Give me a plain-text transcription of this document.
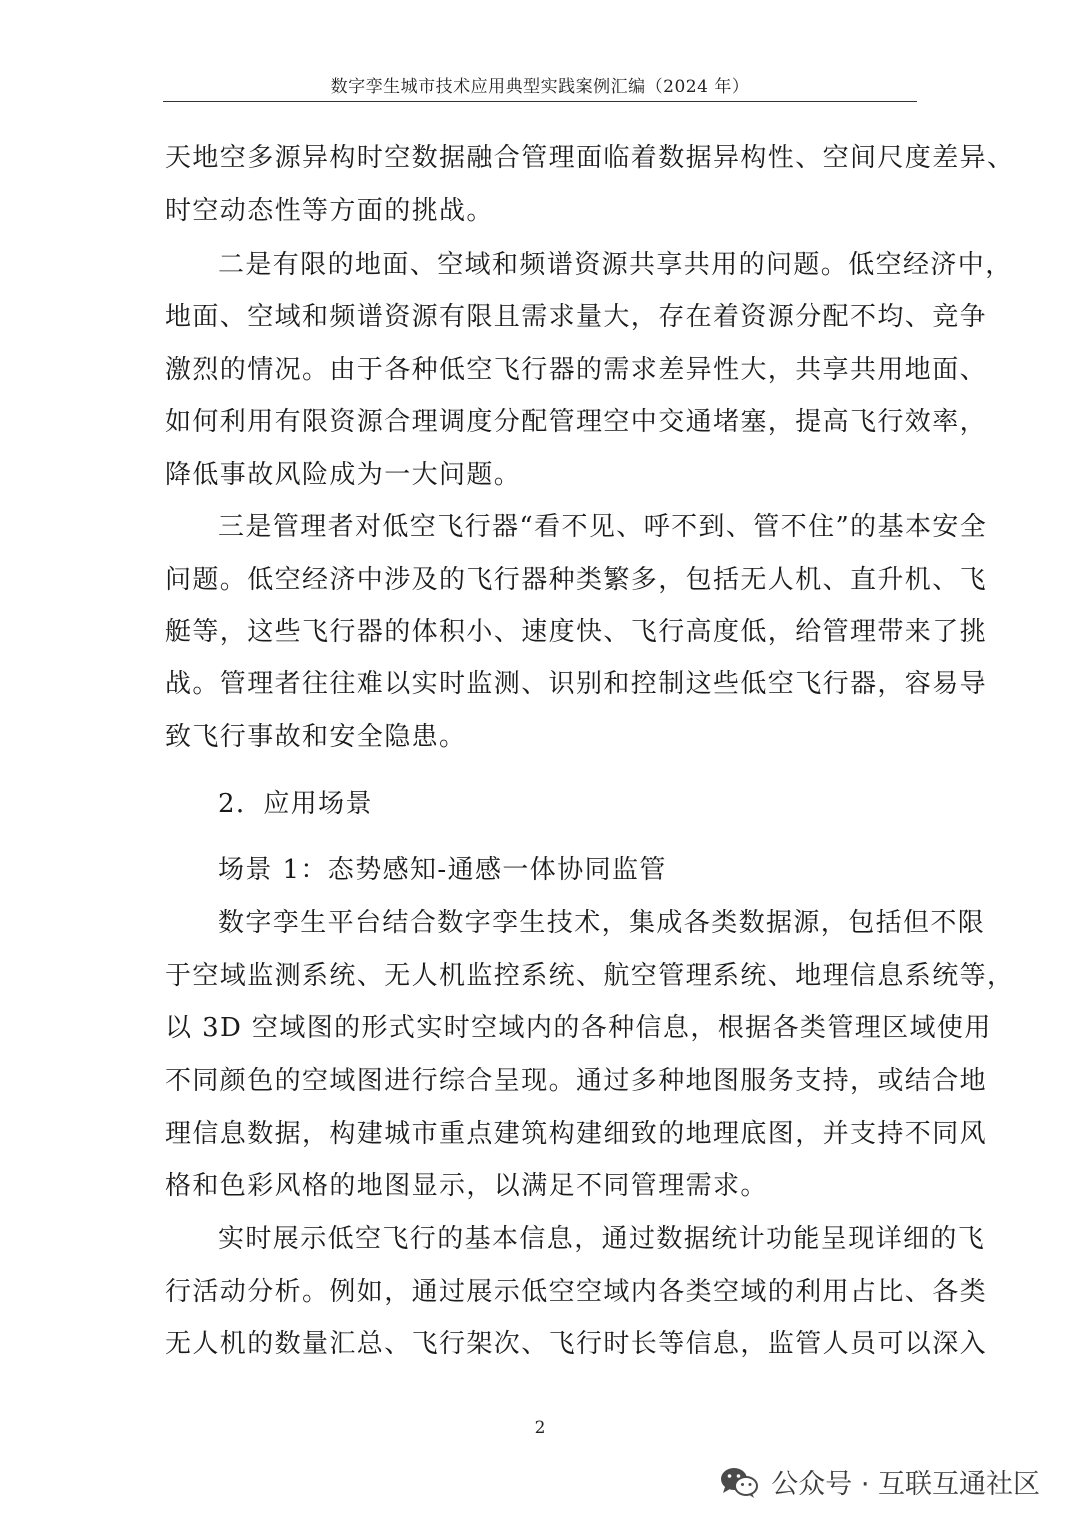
数字孪生城市技术应用典型实践案例汇编（2024 年）
天地空多源异构时空数据融合管理面临着数据异构性、空间尺度差异、
时空动态性等方面的挑战。
二是有限的地面、空域和频谱资源共享共用的问题。低空经济中，
地面、空域和频谱资源有限且需求量大，存在着资源分配不均、竞争
激烈的情况。由于各种低空飞行器的需求差异性大，共享共用地面、
如何利用有限资源合理调度分配管理空中交通堵塞，提高飞行效率，
降低事故风险成为一大问题。
三是管理者对低空飞行器“看不见、呼不到、管不住”的基本安全
问题。低空经济中涉及的飞行器种类繁多，包括无人机、直升机、飞
艇等，这些飞行器的体积小、速度快、飞行高度低，给管理带来了挑
战。管理者往往难以实时监测、识别和控制这些低空飞行器，容易导
致飞行事故和安全隐患。
2．应用场景
场景 1：态势感知-通感一体协同监管
数字孪生平台结合数字孪生技术，集成各类数据源，包括但不限
于空域监测系统、无人机监控系统、航空管理系统、地理信息系统等，
以 3D 空域图的形式实时空域内的各种信息，根据各类管理区域使用
不同颜色的空域图进行综合呈现。通过多种地图服务支持，或结合地
理信息数据，构建城市重点建筑构建细致的地理底图，并支持不同风
格和色彩风格的地图显示，以满足不同管理需求。
实时展示低空飞行的基本信息，通过数据统计功能呈现详细的飞
行活动分析。例如，通过展示低空空域内各类空域的利用占比、各类
无人机的数量汇总、飞行架次、飞行时长等信息，监管人员可以深入
2
公众号 · 互联互通社区
